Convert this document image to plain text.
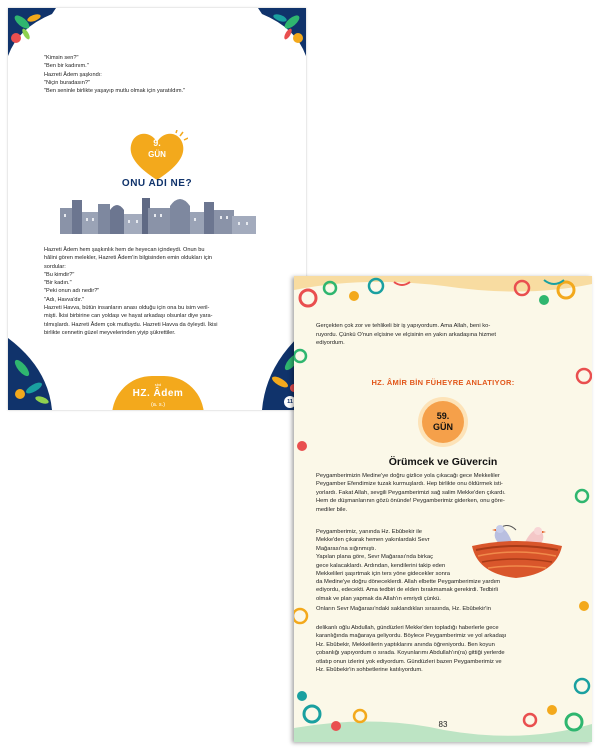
"Kimsin sen?"

"Ben bir kadınım."

Hazreti Âdem şaşkındı:

"Niçin buradasın?"

"Ben seninle birlikte yaşayıp mutlu olmak için yaratıldım."

9.
GÜN
ONU ADI NE?

Hazreti Âdem hem şaşkınlık hem de heyecan içindeydi. Onun bu

hâlini gören melekler, Hazreti Âdem'in bilgisinden emin oldukları için

sordular:

"Bu kimdir?"

"Bir kadın."

"Peki onun adı nedir?"

"Adı, Havva'dır."

Hazreti Havva, bütün insanların anası olduğu için ona bu isim veril-

mişti. İkisi birbirine can yoldaşı ve hayat arkadaşı olsunlar diye yara-

tılmışlardı. Hazreti Âdem çok mutluydu. Hazreti Havva da öyleydi. İkisi

birlikte cennetin güzel meyvelerinden yiyip şükrettiler.

sbd
HZ. Âdem
(a. s.)	11

Gerçekten çok zor ve tehlikeli bir iş yapıyordum. Ama Allah, beni ko-

ruyordu. Çünkü O'nun elçisine ve elçisinin en yakın arkadaşına hizmet

ediyordum.

HZ. ÂMİR BİN FÜHEYRE ANLATIYOR:
59.
GÜN
Örümcek ve Güvercin

Peygamberimizin Medine'ye doğru gizlice yola çıkacağı gece Mekkeliler

Peygamber Efendimize tuzak kurmuşlardı. Hep birlikte onu öldürmek isti-

yorlardı. Fakat Allah, sevgili Peygamberimizi sağ salim Mekke'den çıkardı.

Hem de düşmanlarının gözü önünde! Peygamberimiz giderken, onu göre-

mediler bile.

Peygamberimiz, yanında Hz. Ebûbekir ile

Mekke'den çıkarak hemen yakınlardaki Sevr

Mağarası'na sığınmıştı.

Yapılan plana göre, Sevr Mağarası'nda birkaç

gece kalacaklardı. Ardından, kendilerini takip eden

Mekkelileri şaşırtmak için ters yöne gidecekler sonra

da Medine'ye doğru döneceklerdi. Allah elbette Peygamberimize yardım

ediyordu, edecekti. Ama tedbiri de elden bırakmamak gerekirdi. Tedbirli

olmak ve plan yapmak da Allah'ın emriydi çünkü.

Onların Sevr Mağarası'ndaki saklandıkları sırasında, Hz. Ebûbekir'in

delikanlı oğlu Abdullah, gündüzleri Mekke'den topladığı haberlerle gece

karanlığında mağaraya geliyordu. Böylece Peygamberimiz ve yol arkadaşı

Hz. Ebûbekir, Mekkelilerin yaptıklarını anında öğreniyordu. Ben koyun

çobanlığı yapıyordum o sırada. Koyunlarımı Abdullah'ın(ra) gittiği yerlerde

otlatıp onun izlerini yok ediyordum. Gündüzleri bazen Peygamberimiz ve

Hz. Ebûbekir'in sohbetlerine katılıyordum.

83
